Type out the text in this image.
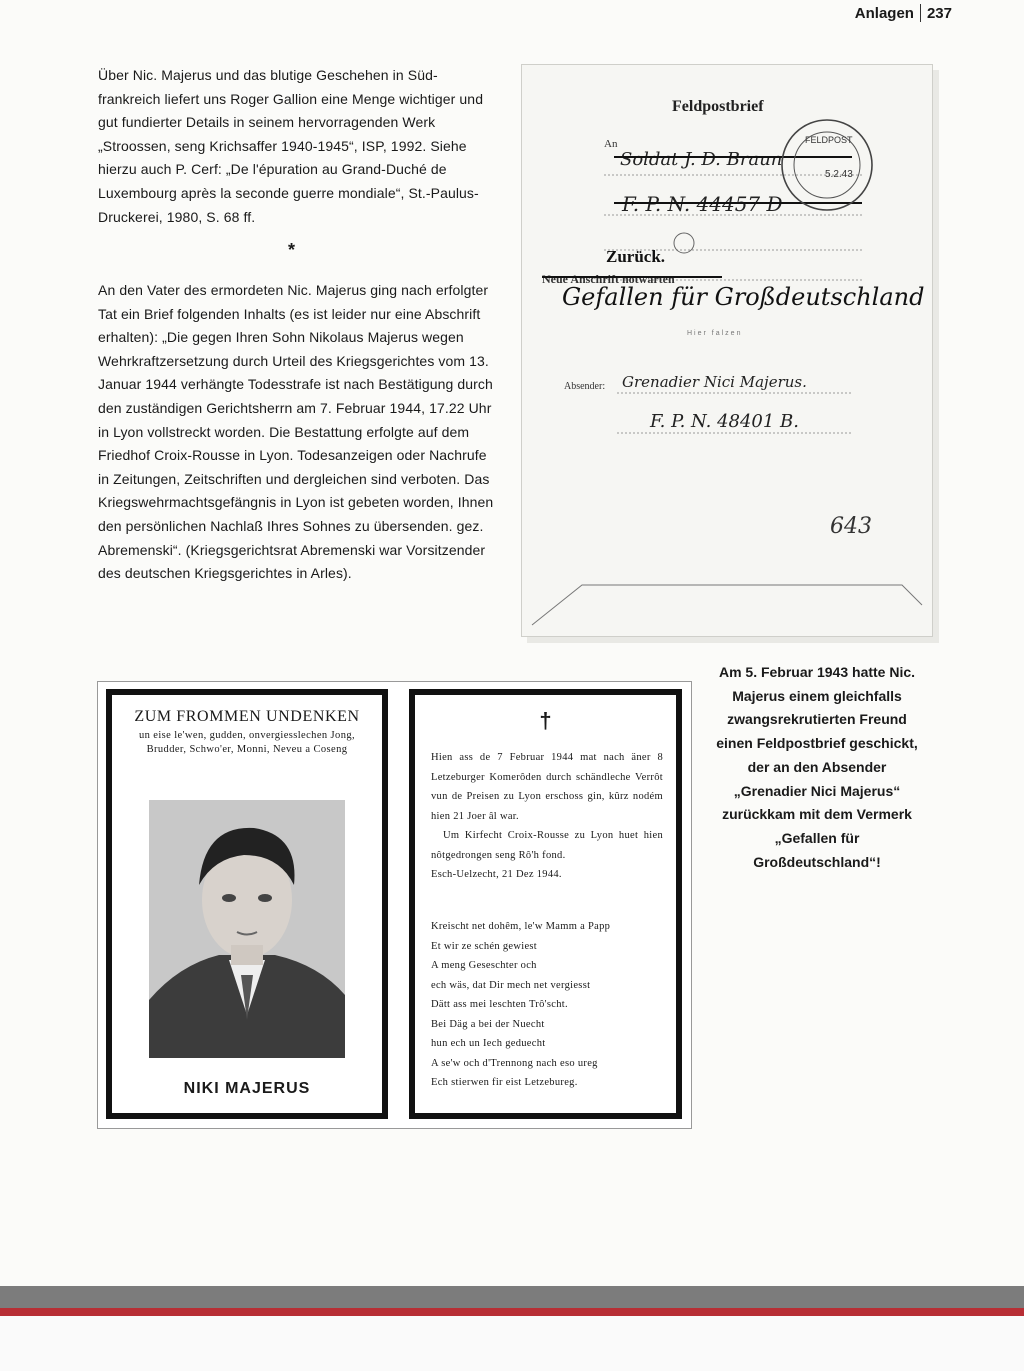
Anlagen 237
Über Nic. Majerus und das blutige Geschehen in Süd-frankreich liefert uns Roger Gallion eine Menge wichtiger und gut fundierter Details in seinem hervorragenden Werk „Stroossen, seng Krichsaffer 1940-1945“, ISP, 1992. Siehe hierzu auch P. Cerf: „De l'épuration au Grand-Duché de Luxembourg après la seconde guerre mondiale“, St.-Paulus-Druckerei, 1980, S. 68 ff.
*
An den Vater des ermordeten Nic. Majerus ging nach erfolgter Tat ein Brief folgenden Inhalts (es ist leider nur eine Abschrift erhalten): „Die gegen Ihren Sohn Nikolaus Majerus wegen Wehrkraftzersetzung durch Urteil des Kriegsgerichtes vom 13. Januar 1944 verhängte Todesstrafe ist nach Bestätigung durch den zuständigen Gerichtsherrn am 7. Februar 1944, 17.22 Uhr in Lyon vollstreckt worden. Die Bestattung erfolgte auf dem Friedhof Croix-Rousse in Lyon. Todesanzeigen oder Nachrufe in Zeitungen, Zeitschriften und dergleichen sind verboten. Das Kriegswehrmachtsgefängnis in Lyon ist gebeten worden, Ihnen den persönlichen Nachlaß Ihres Sohnes zu übersenden. gez. Abremenski“. (Kriegsgerichtsrat Abremenski war Vorsitzender des deutschen Kriegsgerichtes in Arles).
Feldpostbrief
An
Soldat J. D. Braun
F. P. N. 44457 D
FELDPOST
5.2.43
Zurück.
Neue Anschrift notwarten
Gefallen für Großdeutschland
Hier falzen
Absender: Grenadier Nici Majerus.
F. P. N. 48401 B.
643
Am 5. Februar 1943 hatte Nic. Majerus einem gleichfalls zwangsrekrutierten Freund einen Feldpostbrief geschickt, der an den Absender „Grenadier Nici Majerus“ zurückkam mit dem Vermerk „Gefallen für Großdeutschland“!
ZUM FROMMEN UNDENKEN
un eise le'wen, gudden, onvergiesslechen Jong, Brudder, Schwo'er, Monni, Neveu a Coseng
NIKI MAJERUS
†

Hien ass de 7 Februar 1944 mat nach äner 8 Letzeburger Komerôden durch schändleche Verrôt vun de Preisen zu Lyon erschoss gin, kûrz nodém hien 21 Joer âl war.

Um Kirfecht Croix-Rousse zu Lyon huet hien nôtgedrongen seng Rô'h fond.

Esch-Uelzecht, 21 Dez 1944.

Kreischt net dohêm, le'w Mamm a Papp

Et wir ze schén gewiest

A meng Geseschter och

ech wäs, dat Dir mech net vergiesst

Dätt ass mei leschten Trô'scht.

Bei Däg a bei der Nuecht

hun ech un Iech geduecht

A se'w och d'Trennong nach eso ureg

Ech stierwen fir eist Letzebureg.
